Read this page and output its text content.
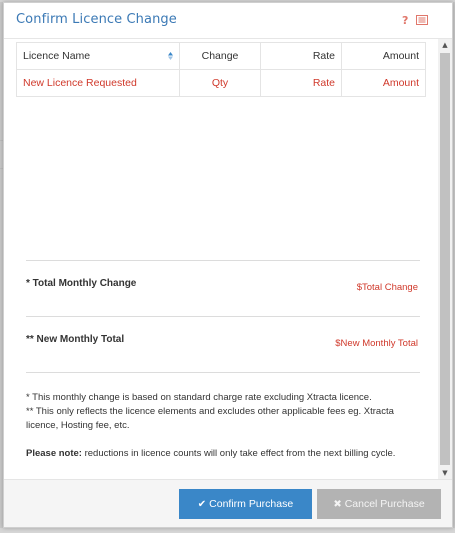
Confirm Licence Change	?
Licence Name	Change	Rate	Amount
New Licence Requested	Qty	Rate	Amount
* Total Monthly Change	$Total Change
** New Monthly Total	$New Monthly Total

* This monthly change is based on standard charge rate excluding Xtracta licence.

** This only reflects the licence elements and excludes other applicable fees eg. Xtracta licence, Hosting fee, etc.

Please note: reductions in licence counts will only take effect from the next billing cycle.

▲
▼
✔ Confirm Purchase	✖ Cancel Purchase
